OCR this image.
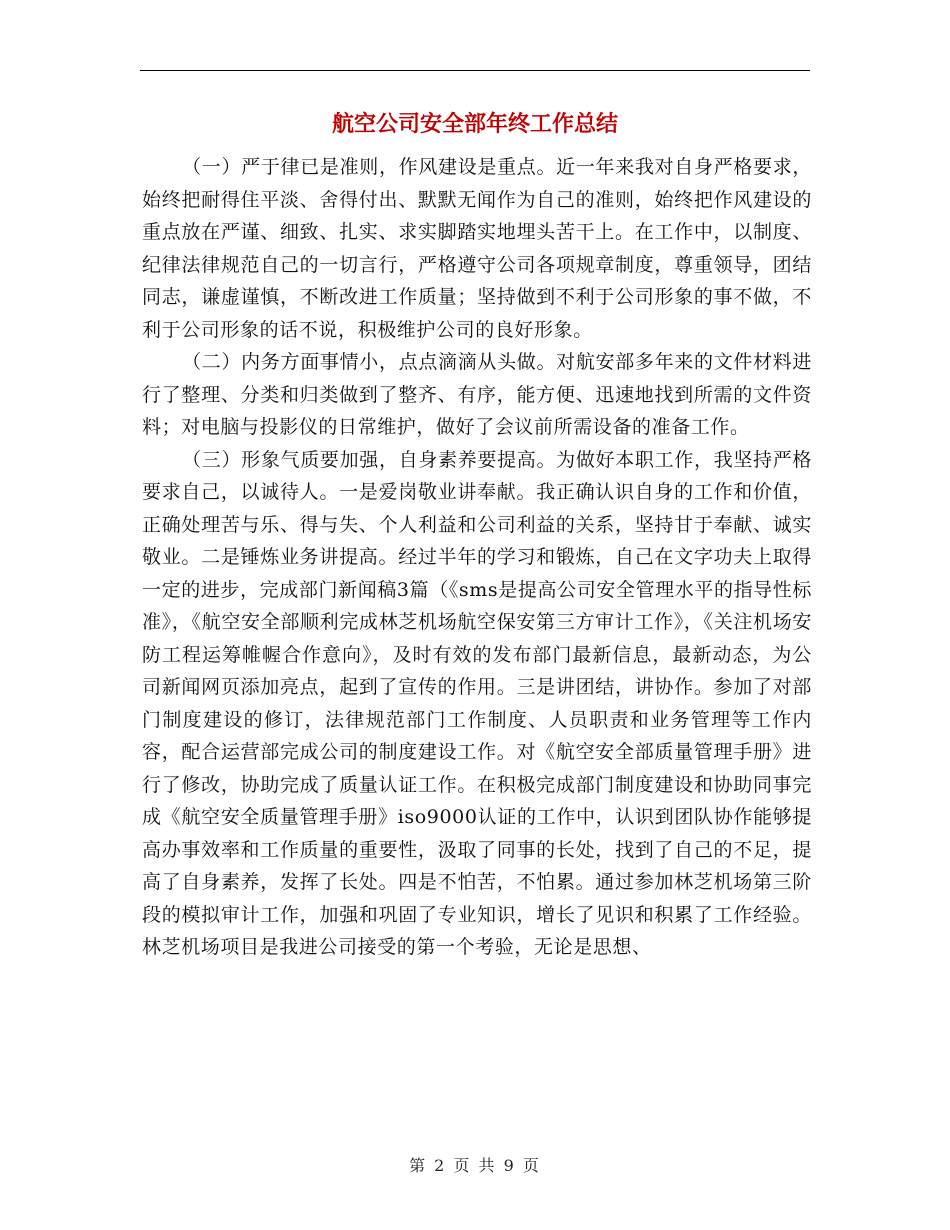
航空公司安全部年终工作总结

（一）严于律已是准则，作风建设是重点。近一年来我对自身严格要求，始终把耐得住平淡、舍得付出、默默无闻作为自己的准则，始终把作风建设的重点放在严谨、细致、扎实、求实脚踏实地埋头苦干上。在工作中，以制度、纪律法律规范自己的一切言行，严格遵守公司各项规章制度，尊重领导，团结同志，谦虚谨慎，不断改进工作质量；坚持做到不利于公司形象的事不做，不利于公司形象的话不说，积极维护公司的良好形象。

（二）内务方面事情小，点点滴滴从头做。对航安部多年来的文件材料进行了整理、分类和归类做到了整齐、有序，能方便、迅速地找到所需的文件资料；对电脑与投影仪的日常维护，做好了会议前所需设备的准备工作。

（三）形象气质要加强，自身素养要提高。为做好本职工作，我坚持严格要求自己，以诚待人。一是爱岗敬业讲奉献。我正确认识自身的工作和价值，正确处理苦与乐、得与失、个人利益和公司利益的关系，坚持甘于奉献、诚实敬业。二是锤炼业务讲提高。经过半年的学习和锻炼，自己在文字功夫上取得一定的进步，完成部门新闻稿3篇（《sms是提高公司安全管理水平的指导性标准》，《航空安全部顺利完成林芝机场航空保安第三方审计工作》，《关注机场安防工程运筹帷幄合作意向》，及时有效的发布部门最新信息，最新动态，为公司新闻网页添加亮点，起到了宣传的作用。三是讲团结，讲协作。参加了对部门制度建设的修订，法律规范部门工作制度、人员职责和业务管理等工作内容，配合运营部完成公司的制度建设工作。对《航空安全部质量管理手册》进行了修改，协助完成了质量认证工作。在积极完成部门制度建设和协助同事完成《航空安全质量管理手册》iso9000认证的工作中，认识到团队协作能够提高办事效率和工作质量的重要性，汲取了同事的长处，找到了自己的不足，提高了自身素养，发挥了长处。四是不怕苦，不怕累。通过参加林芝机场第三阶段的模拟审计工作，加强和巩固了专业知识，增长了见识和积累了工作经验。林芝机场项目是我进公司接受的第一个考验，无论是思想、

第 2 页 共 9 页
